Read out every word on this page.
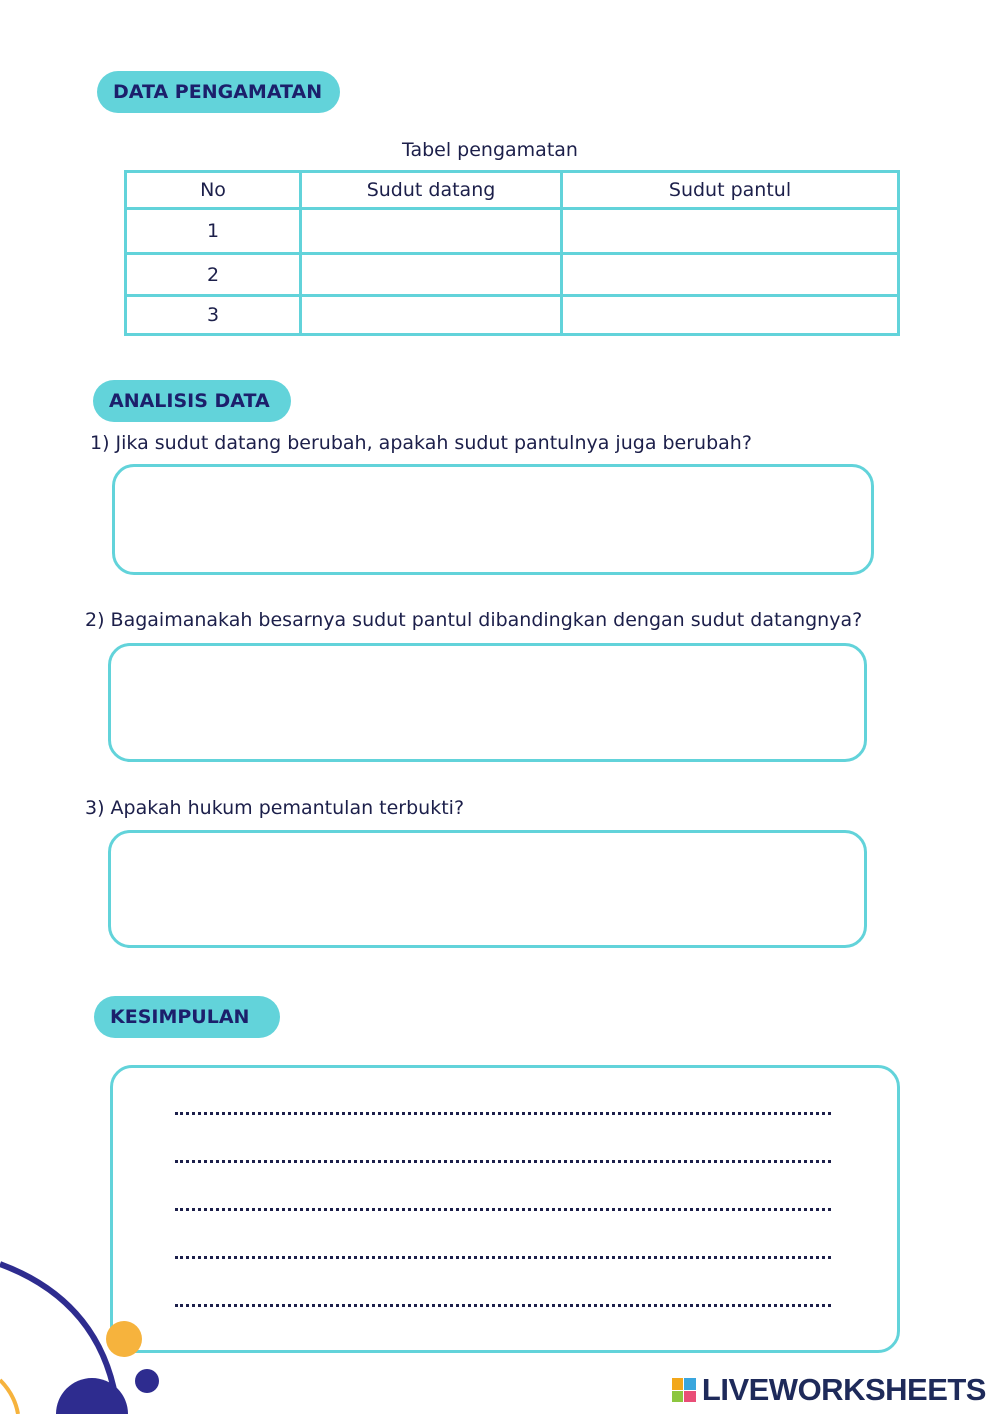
DATA PENGAMATAN
Tabel pengamatan
No	Sudut datang	Sudut pantul
1		
2		
3		
ANALISIS DATA
1) Jika sudut datang berubah, apakah sudut pantulnya juga berubah?
2) Bagaimanakah besarnya sudut pantul dibandingkan dengan sudut datangnya?
3) Apakah hukum pemantulan terbukti?
KESIMPULAN
LIVEWORKSHEETS
